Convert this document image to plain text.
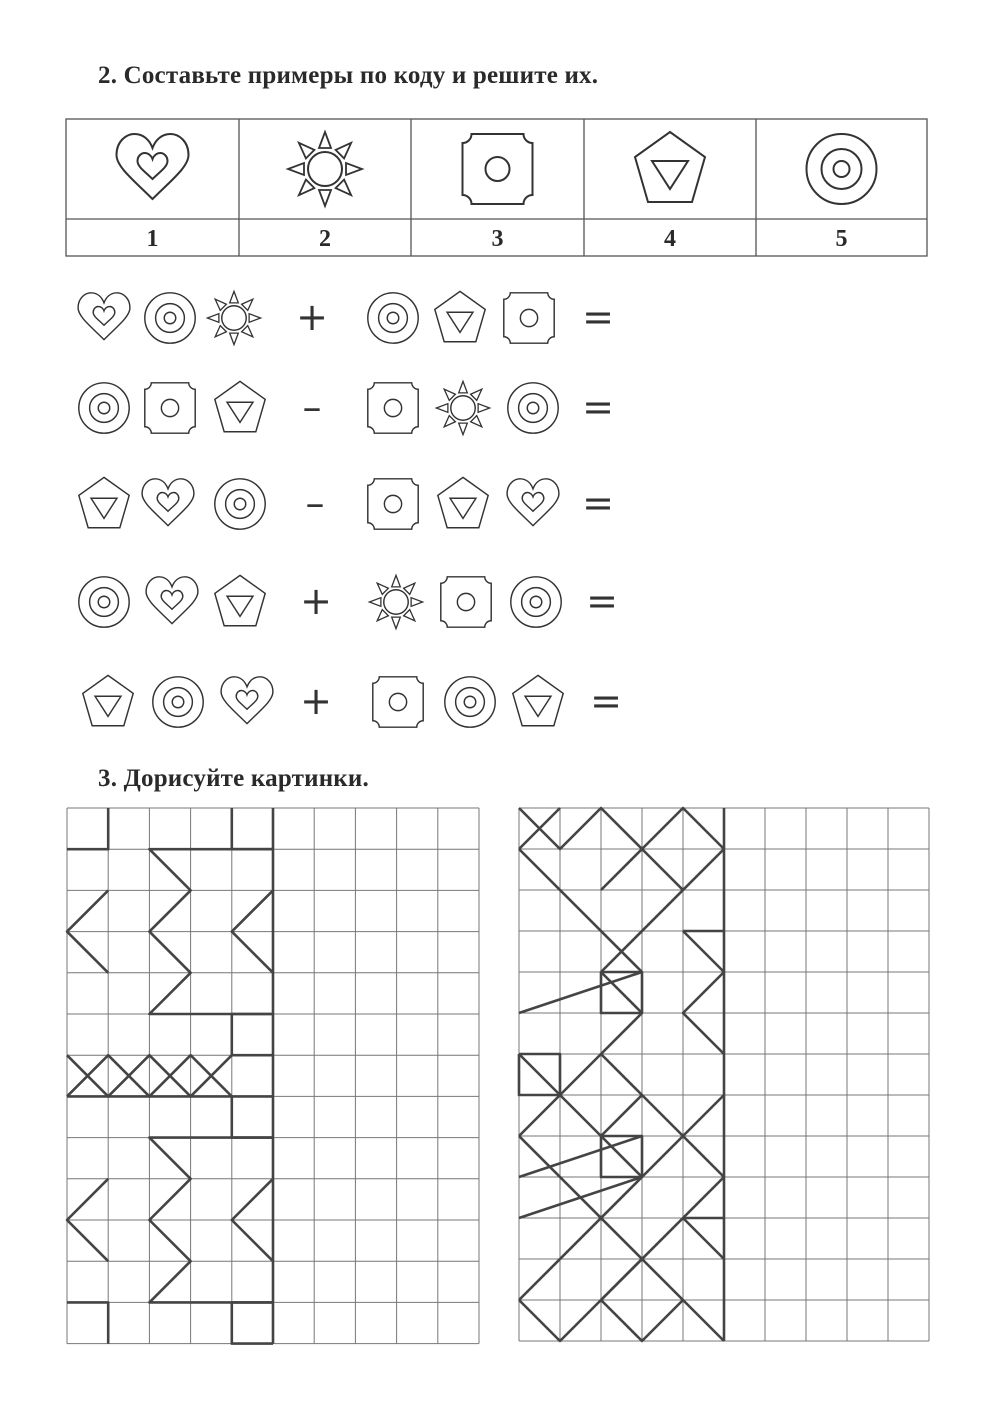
2. Составьте примеры по коду и решите их.
3. Дорисуйте картинки.
1	2	3	4	5
+	=
–	=
–	=
+	=
+	=
